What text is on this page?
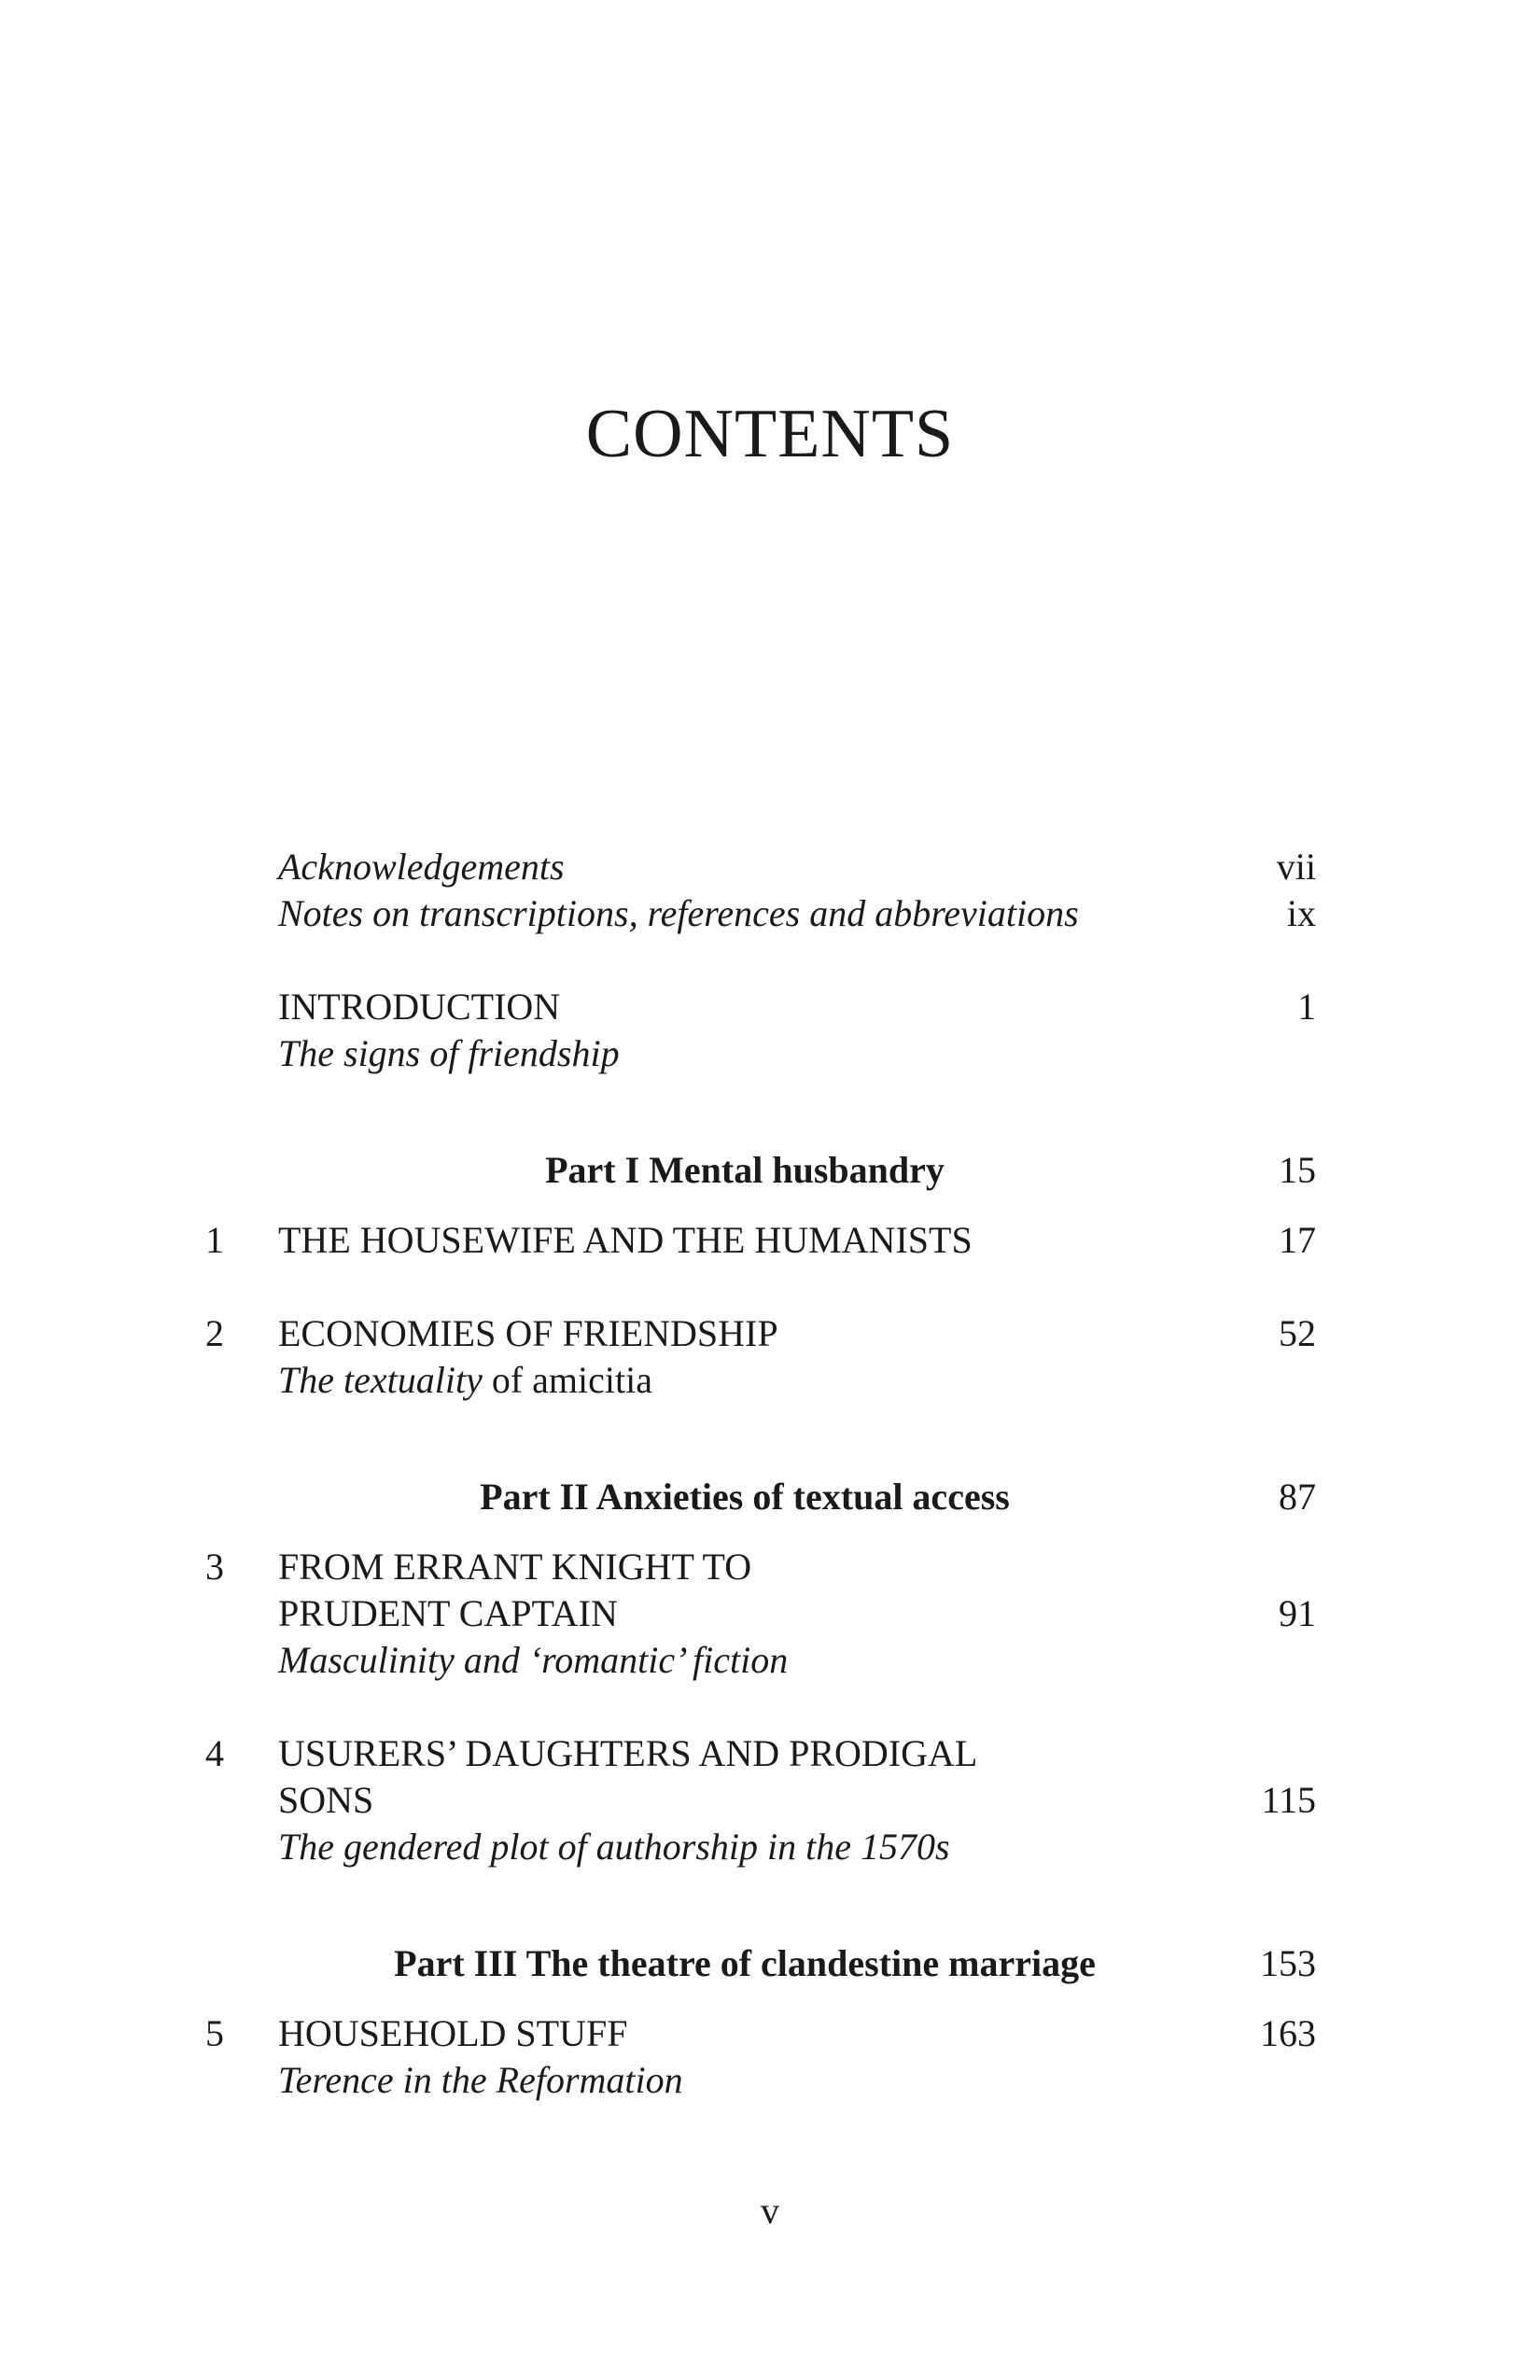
CONTENTS
Acknowledgements	vii
Notes on transcriptions, references and abbreviations	ix
INTRODUCTION	1
The signs of friendship
Part I Mental husbandry	15
1 THE HOUSEWIFE AND THE HUMANISTS	17
2 ECONOMIES OF FRIENDSHIP	52
The textuality of amicitia
Part II Anxieties of textual access	87
3 FROM ERRANT KNIGHT TO
PRUDENT CAPTAIN	91
Masculinity and ‘romantic’ fiction
4 USURERS’ DAUGHTERS AND PRODIGAL
SONS	115
The gendered plot of authorship in the 1570s
Part III The theatre of clandestine marriage	153
5 HOUSEHOLD STUFF	163
Terence in the Reformation
v
